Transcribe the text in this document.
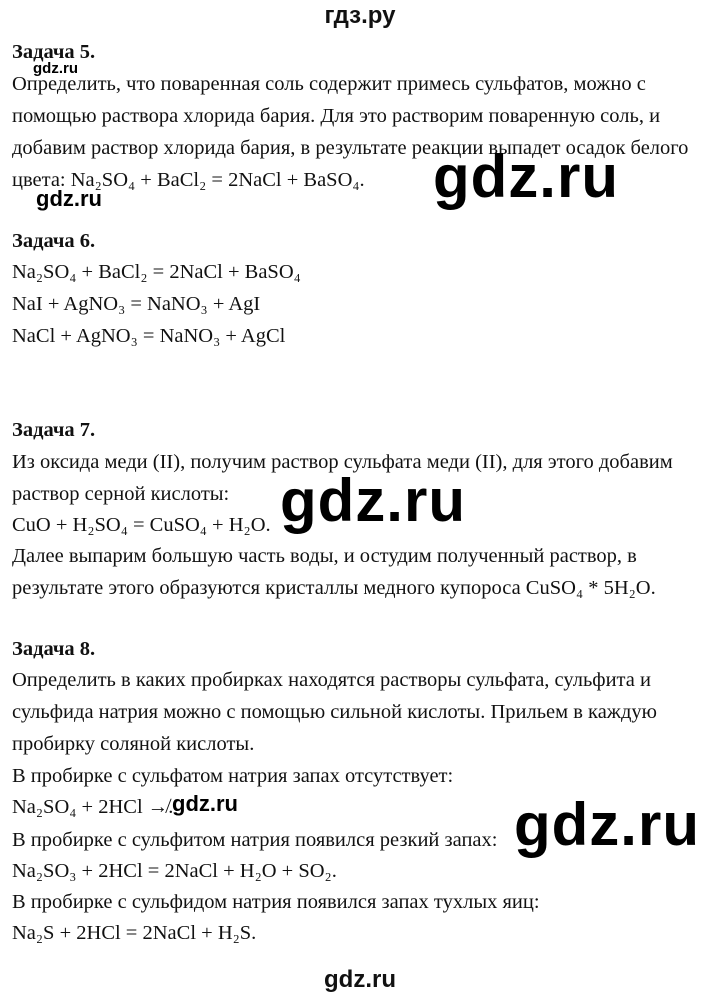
гдз.ру
Задача 5.
gdz.ru
Определить, что поваренная соль содержит примесь сульфатов, можно с
помощью раствора хлорида бария. Для это растворим поваренную соль, и
добавим раствор хлорида бария, в результате реакции выпадет осадок белого
цвета: Na₂SO₄ + BaCl₂ = 2NaCl + BaSO₄.
gdz.ru	gdz.ru
Задача 6.
Na₂SO₄ + BaCl₂ = 2NaCl + BaSO₄
NaI + AgNO₃ = NaNO₃ + AgI
NaCl + AgNO₃ = NaNO₃ + AgCl
Задача 7.
Из оксида меди (II), получим раствор сульфата меди (II), для этого добавим
раствор серной кислоты: gdz.ru
CuO + H₂SO₄ = CuSO₄ + H₂O.
Далее выпарим большую часть воды, и остудим полученный раствор, в
результате этого образуются кристаллы медного купороса CuSO₄ * 5H₂O.
Задача 8.
Определить в каких пробирках находятся растворы сульфата, сульфита и
сульфида натрия можно с помощью сильной кислоты. Прильем в каждую
пробирку соляной кислоты.
В пробирке с сульфатом натрия запах отсутствует:
Na₂SO₄ + 2HCl ↛.
gdz.ru	gdz.ru
В пробирке с сульфитом натрия появился резкий запах:
Na₂SO₃ + 2HCl = 2NaCl + H₂O + SO₂.
В пробирке с сульфидом натрия появился запах тухлых яиц:
Na₂S + 2HCl = 2NaCl + H₂S.
gdz.ru
